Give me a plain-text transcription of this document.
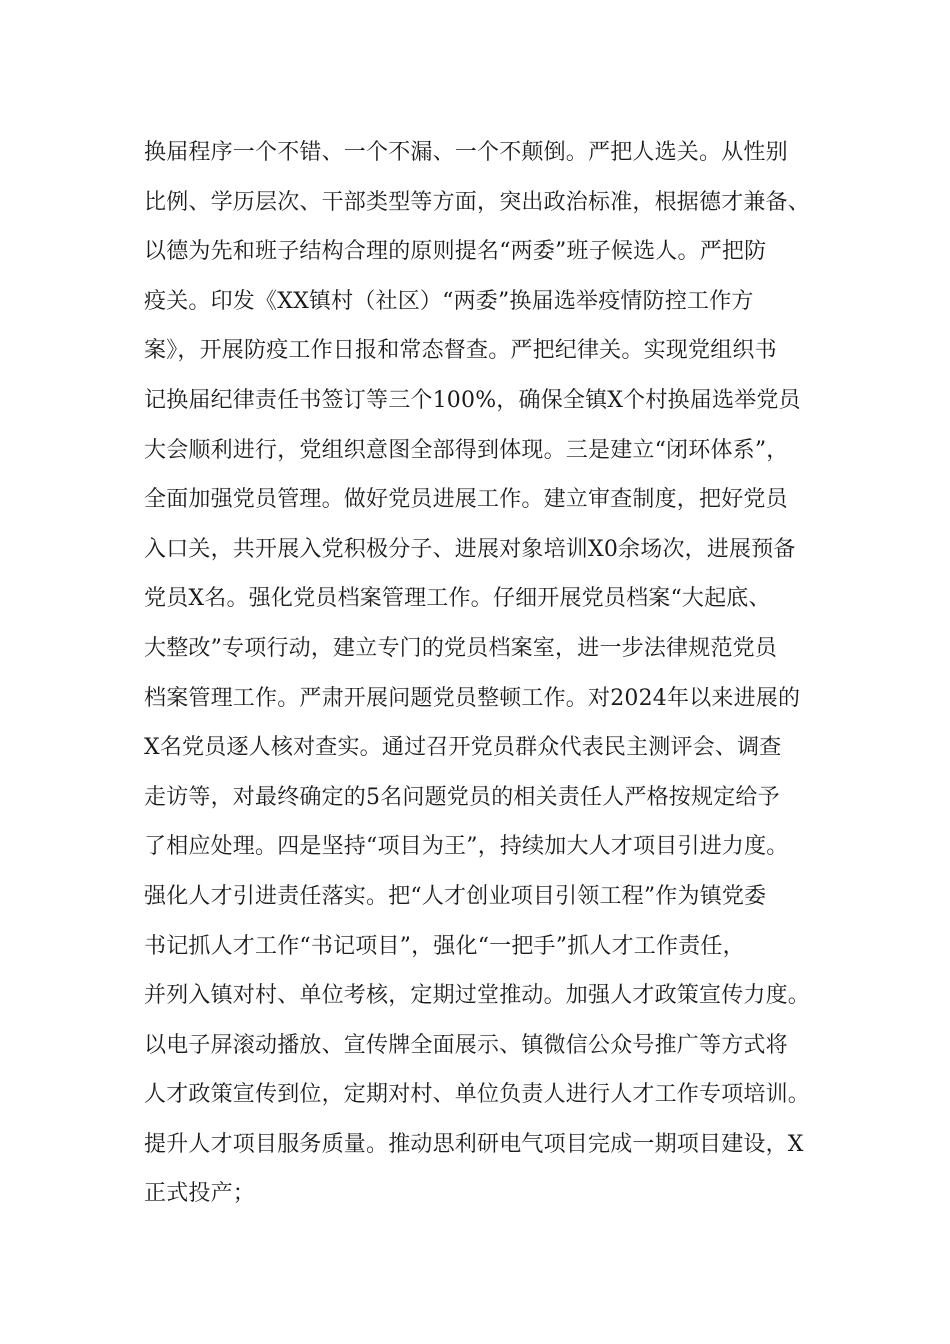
换届程序一个不错、一个不漏、一个不颠倒。严把人选关。从性别
比例、学历层次、干部类型等方面，突出政治标准，根据德才兼备、
以德为先和班子结构合理的原则提名“两委”班子候选人。严把防
疫关。印发《XX镇村（社区）“两委”换届选举疫情防控工作方
案》，开展防疫工作日报和常态督查。严把纪律关。实现党组织书
记换届纪律责任书签订等三个100%，确保全镇X个村换届选举党员
大会顺利进行，党组织意图全部得到体现。三是建立“闭环体系”，
全面加强党员管理。做好党员进展工作。建立审查制度，把好党员
入口关，共开展入党积极分子、进展对象培训X0余场次，进展预备
党员X名。强化党员档案管理工作。仔细开展党员档案“大起底、
大整改”专项行动，建立专门的党员档案室，进一步法律规范党员
档案管理工作。严肃开展问题党员整顿工作。对2024年以来进展的
X名党员逐人核对查实。通过召开党员群众代表民主测评会、调查
走访等，对最终确定的5名问题党员的相关责任人严格按规定给予
了相应处理。四是坚持“项目为王”，持续加大人才项目引进力度。
强化人才引进责任落实。把“人才创业项目引领工程”作为镇党委
书记抓人才工作“书记项目”，强化“一把手”抓人才工作责任，
并列入镇对村、单位考核，定期过堂推动。加强人才政策宣传力度。
以电子屏滚动播放、宣传牌全面展示、镇微信公众号推广等方式将
人才政策宣传到位，定期对村、单位负责人进行人才工作专项培训。
提升人才项目服务质量。推动思利研电气项目完成一期项目建设，X
正式投产；
